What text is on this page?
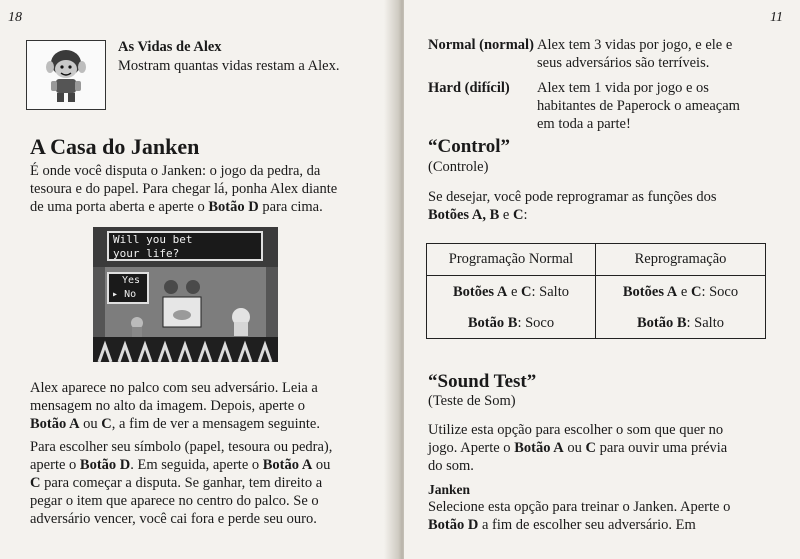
18
As Vidas de Alex
Mostram quantas vidas restam a Alex.
A Casa do Janken

É onde você disputa o Janken: o jogo da pedra, da

tesoura e do papel. Para chegar lá, ponha Alex diante

de uma porta aberta e aperte o Botão D para cima.

Will you bet
your life?
Yes
▸ No

Alex aparece no palco com seu adversário. Leia a

mensagem no alto da imagem. Depois, aperte o

Botão A ou C, a fim de ver a mensagem seguinte.

Para escolher seu símbolo (papel, tesoura ou pedra),

aperte o Botão D. Em seguida, aperte o Botão A ou

C para começar a disputa. Se ganhar, tem direito a

pegar o item que aparece no centro do palco. Se o

adversário vencer, você cai fora e perde seu ouro.

11
Normal (normal) Alex tem 3 vidas por jogo, e ele e

seus adversários são terríveis.

Hard (difícil) Alex tem 1 vida por jogo e os

habitantes de Paperock o ameaçam

em toda a parte!

“Control”
(Controle)

Se desejar, você pode reprogramar as funções dos

Botões A, B e C:

Programação Normal	Reprogramação
Botões A e C: Salto	Botões A e C: Soco
Botão B: Soco	Botão B: Salto
“Sound Test”
(Teste de Som)

Utilize esta opção para escolher o som que quer no

jogo. Aperte o Botão A ou C para ouvir uma prévia

do som.

Janken

Selecione esta opção para treinar o Janken. Aperte o

Botão D a fim de escolher seu adversário. Em
